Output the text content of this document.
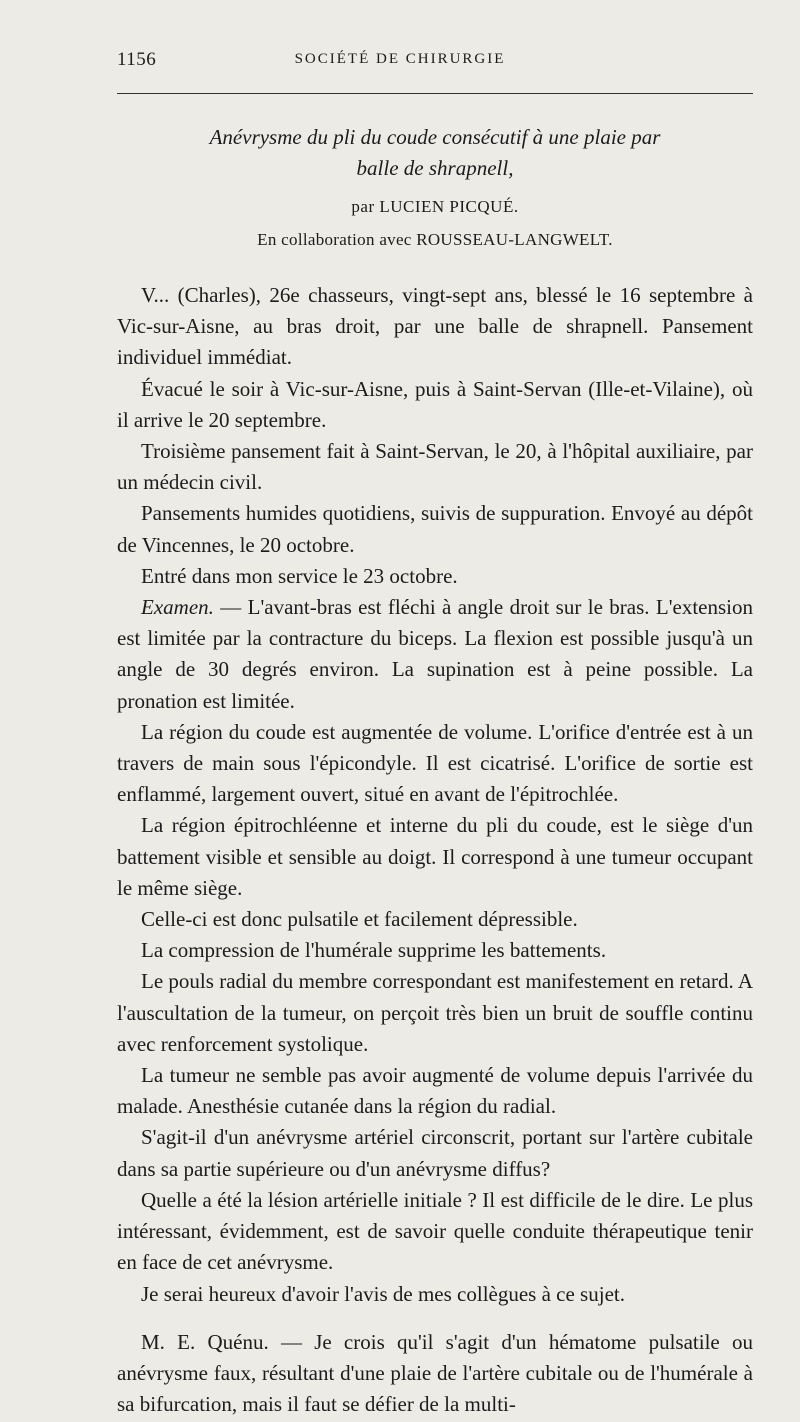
1156	SOCIÉTÉ DE CHIRURGIE
Anévrysme du pli du coude consécutif à une plaie par
balle de shrapnell,
par LUCIEN PICQUÉ.
En collaboration avec ROUSSEAU-LANGWELT.

V... (Charles), 26e chasseurs, vingt-sept ans, blessé le 16 septembre à Vic-sur-Aisne, au bras droit, par une balle de shrapnell. Pansement individuel immédiat.

Évacué le soir à Vic-sur-Aisne, puis à Saint-Servan (Ille-et-Vilaine), où il arrive le 20 septembre.

Troisième pansement fait à Saint-Servan, le 20, à l'hôpital auxiliaire, par un médecin civil.

Pansements humides quotidiens, suivis de suppuration. Envoyé au dépôt de Vincennes, le 20 octobre.

Entré dans mon service le 23 octobre.

Examen. — L'avant-bras est fléchi à angle droit sur le bras. L'extension est limitée par la contracture du biceps. La flexion est possible jusqu'à un angle de 30 degrés environ. La supination est à peine possible. La pronation est limitée.

La région du coude est augmentée de volume. L'orifice d'entrée est à un travers de main sous l'épicondyle. Il est cicatrisé. L'orifice de sortie est enflammé, largement ouvert, situé en avant de l'épitrochlée.

La région épitrochléenne et interne du pli du coude, est le siège d'un battement visible et sensible au doigt. Il correspond à une tumeur occupant le même siège.

Celle-ci est donc pulsatile et facilement dépressible.

La compression de l'humérale supprime les battements.

Le pouls radial du membre correspondant est manifestement en retard. A l'auscultation de la tumeur, on perçoit très bien un bruit de souffle continu avec renforcement systolique.

La tumeur ne semble pas avoir augmenté de volume depuis l'arrivée du malade. Anesthésie cutanée dans la région du radial.

S'agit-il d'un anévrysme artériel circonscrit, portant sur l'artère cubitale dans sa partie supérieure ou d'un anévrysme diffus?

Quelle a été la lésion artérielle initiale ? Il est difficile de le dire. Le plus intéressant, évidemment, est de savoir quelle conduite thérapeutique tenir en face de cet anévrysme.

Je serai heureux d'avoir l'avis de mes collègues à ce sujet.

M. E. Quénu. — Je crois qu'il s'agit d'un hématome pulsatile ou anévrysme faux, résultant d'une plaie de l'artère cubitale ou de l'humérale à sa bifurcation, mais il faut se défier de la multi-
